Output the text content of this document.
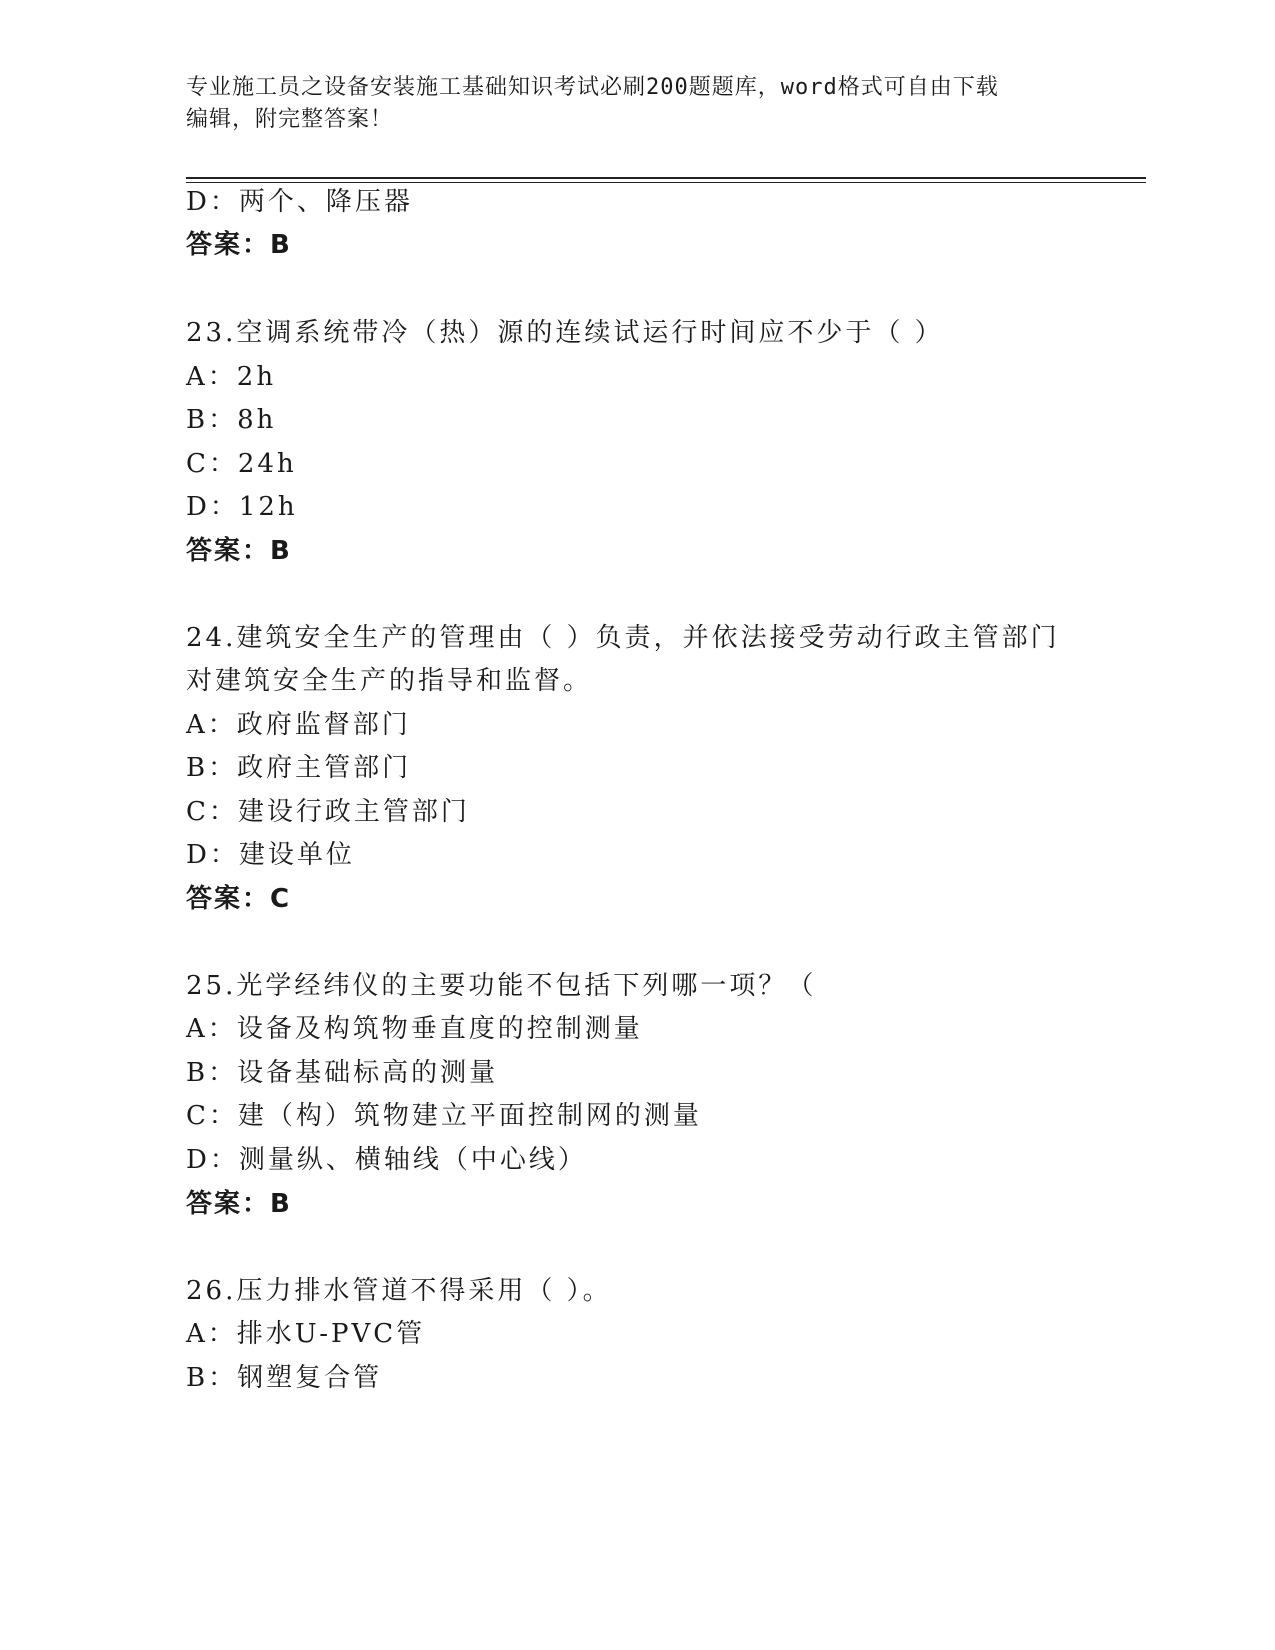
专业施工员之设备安装施工基础知识考试必刷200题题库，word格式可自由下载
编辑，附完整答案！
D：两个、降压器
答案：B
23.空调系统带冷（热）源的连续试运行时间应不少于（ ）
A：2h
B：8h
C：24h
D：12h
答案：B
24.建筑安全生产的管理由（ ）负责，并依法接受劳动行政主管部门
对建筑安全生产的指导和监督。
A：政府监督部门
B：政府主管部门
C：建设行政主管部门
D：建设单位
答案：C
25.光学经纬仪的主要功能不包括下列哪一项？（
A：设备及构筑物垂直度的控制测量
B：设备基础标高的测量
C：建（构）筑物建立平面控制网的测量
D：测量纵、横轴线（中心线）
答案：B
26.压力排水管道不得采用（ ）。
A：排水U-PVC管
B：钢塑复合管
